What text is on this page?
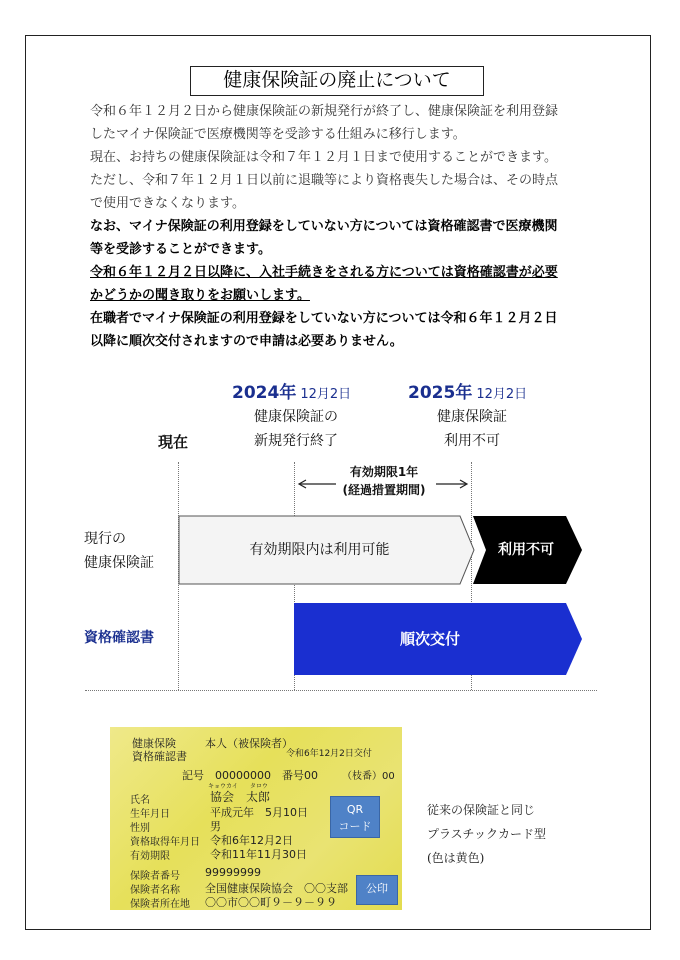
健康保険証の廃止について
令和６年１２月２日から健康保険証の新規発行が終了し、健康保険証を利用登録
したマイナ保険証で医療機関等を受診する仕組みに移行します。
現在、お持ちの健康保険証は令和７年１２月１日まで使用することができます。
ただし、令和７年１２月１日以前に退職等により資格喪失した場合は、その時点
で使用できなくなります。
なお、マイナ保険証の利用登録をしていない方については資格確認書で医療機関
等を受診することができます。
令和６年１２月２日以降に、入社手続きをされる方については資格確認書が必要
かどうかの聞き取りをお願いします。
在職者でマイナ保険証の利用登録をしていない方については令和６年１２月２日
以降に順次交付されますので申請は必要ありません。
2024年 12月2日	2025年 12月2日
健康保険証の
新規発行終了
健康保険証
利用不可
現在
有効期限1年
(経過措置期間)
有効期限内は利用可能	利用不可
順次交付
現行の
健康保険証
資格確認書
健康保険	本人（被保険者）
資格確認書	令和6年12月2日交付
記号　00000000　番号00 （枝番）00
キョウカイ　　タロウ
氏名	協会　太郎
生年月日	平成元年　5月10日
性別	男
資格取得年月日 令和6年12月2日
有効期限	令和11年11月30日
保険者番号 99999999
保険者名称 全国健康保険協会　〇〇支部
保険者所在地 〇〇市〇〇町９－９－９９
QR
コード
公印
従来の保険証と同じ
プラスチックカード型
(色は黄色)
